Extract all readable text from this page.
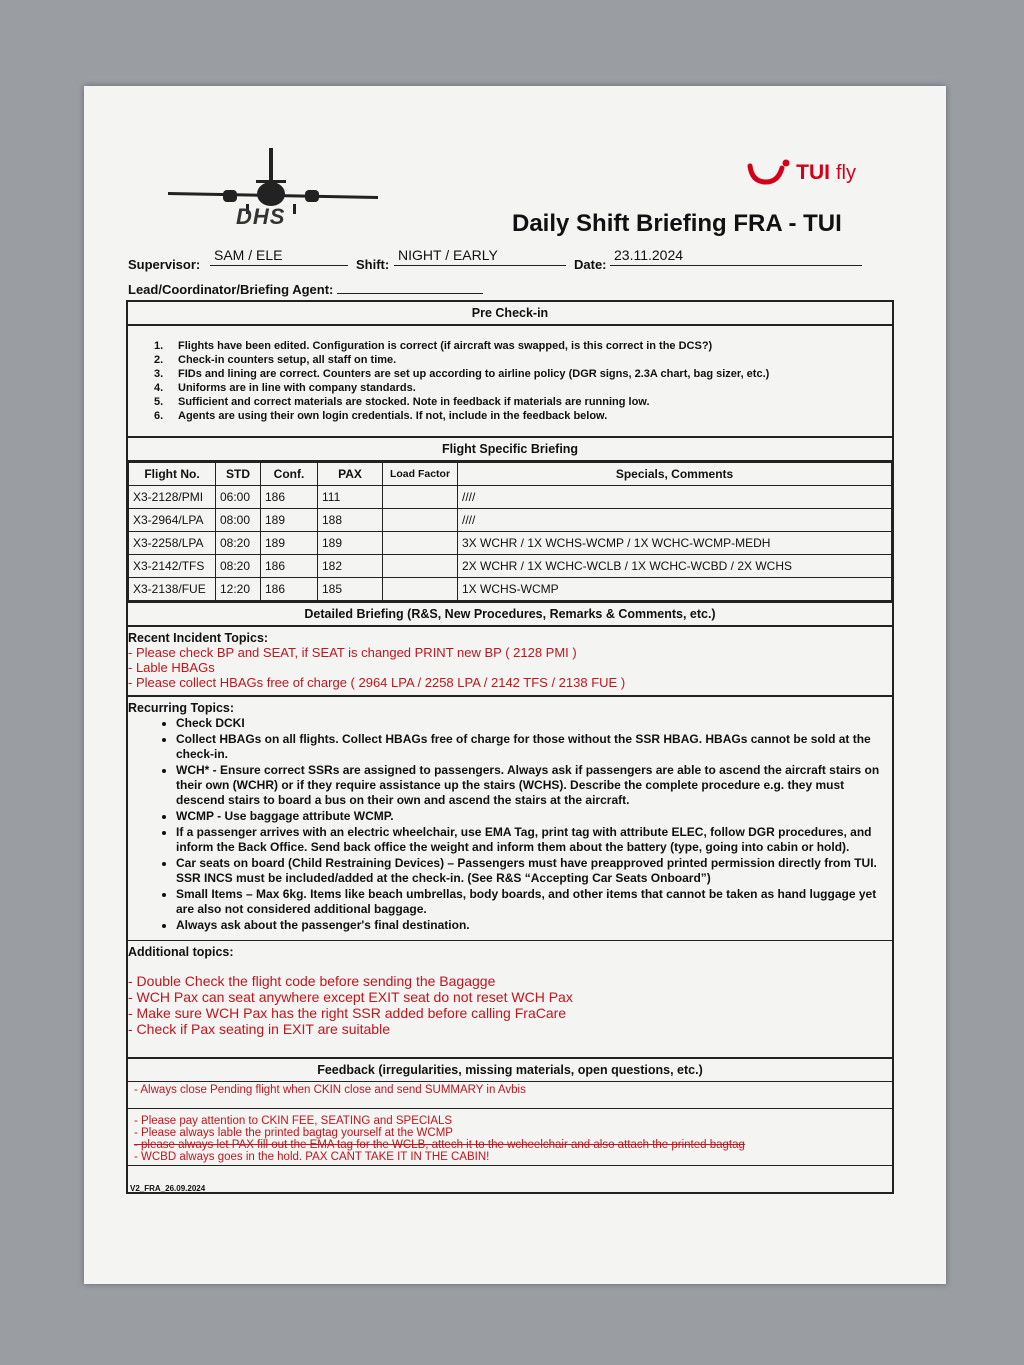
DHS
TUI fly
Daily Shift Briefing FRA - TUI
Supervisor:
SAM / ELE
Shift:
NIGHT / EARLY
Date:
23.11.2024
Lead/Coordinator/Briefing Agent:
Pre Check-in
1. Flights have been edited. Configuration is correct (if aircraft was swapped, is this correct in the DCS?)
2. Check-in counters setup, all staff on time.
3. FIDs and lining are correct. Counters are set up according to airline policy (DGR signs, 2.3A chart, bag sizer, etc.)
4. Uniforms are in line with company standards.
5. Sufficient and correct materials are stocked. Note in feedback if materials are running low.
6. Agents are using their own login credentials. If not, include in the feedback below.
Flight Specific Briefing
Flight No.	STD	Conf.	PAX	Load Factor	Specials, Comments
X3-2128/PMI	06:00	186	111		////
X3-2964/LPA	08:00	189	188		////
X3-2258/LPA	08:20	189	189		3X WCHR / 1X WCHS-WCMP / 1X WCHC-WCMP-MEDH
X3-2142/TFS	08:20	186	182		2X WCHR / 1X WCHC-WCLB / 1X WCHC-WCBD / 2X WCHS
X3-2138/FUE	12:20	186	185		1X WCHS-WCMP
Detailed Briefing (R&S, New Procedures, Remarks & Comments, etc.)
Recent Incident Topics:
- Please check BP and SEAT, if SEAT is changed PRINT new BP ( 2128 PMI )
- Lable HBAGs
- Please collect HBAGs free of charge ( 2964 LPA / 2258 LPA / 2142 TFS / 2138 FUE )
Recurring Topics:
• Check DCKI
• Collect HBAGs on all flights. Collect HBAGs free of charge for those without the SSR HBAG. HBAGs cannot be sold at the check-in.
• WCH* - Ensure correct SSRs are assigned to passengers. Always ask if passengers are able to ascend the aircraft stairs on their own (WCHR) or if they require assistance up the stairs (WCHS). Describe the complete procedure e.g. they must descend stairs to board a bus on their own and ascend the stairs at the aircraft.
• WCMP - Use baggage attribute WCMP.
• If a passenger arrives with an electric wheelchair, use EMA Tag, print tag with attribute ELEC, follow DGR procedures, and inform the Back Office. Send back office the weight and inform them about the battery (type, going into cabin or hold).
• Car seats on board (Child Restraining Devices) – Passengers must have preapproved printed permission directly from TUI. SSR INCS must be included/added at the check-in. (See R&S “Accepting Car Seats Onboard”)
• Small Items – Max 6kg. Items like beach umbrellas, body boards, and other items that cannot be taken as hand luggage yet are also not considered additional baggage.
• Always ask about the passenger's final destination.
Additional topics:
- Double Check the flight code before sending the Bagagge
- WCH Pax can seat anywhere except EXIT seat do not reset WCH Pax
- Make sure WCH Pax has the right SSR added before calling FraCare
- Check if Pax seating in EXIT are suitable
Feedback (irregularities, missing materials, open questions, etc.)
- Always close Pending flight when CKIN close and send SUMMARY in Avbis
- Please pay attention to CKIN FEE, SEATING and SPECIALS
- Please always lable the printed bagtag yourself at the WCMP
- please always let PAX fill out the EMA tag for the WCLB, attech it to the wcheelchair and also attach the printed bagtag
- WCBD always goes in the hold. PAX CANT TAKE IT IN THE CABIN!
V2_FRA_26.09.2024
